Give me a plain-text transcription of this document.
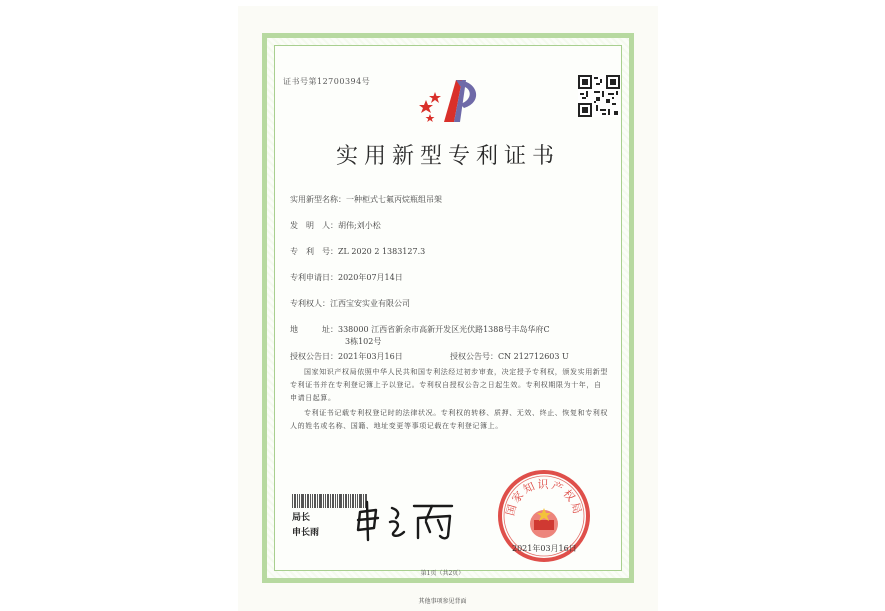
证书号第12700394号
实用新型专利证书
实用新型名称：一种柜式七氟丙烷瓶组吊架
发　明　人：胡伟;刘小松
专　利　号：ZL 2020 2 1383127.3
专利申请日：2020年07月14日
专利权人：江西宝安实业有限公司
地　　　址：338000 江西省新余市高新开发区光伏路1388号丰岛华府C
3栋102号
授权公告日：2021年03月16日	授权公告号：CN 212712603 U
国家知识产权局依照中华人民共和国专利法经过初步审查，决定授予专利权，颁发实用新型专利证书并在专利登记簿上予以登记。专利权自授权公告之日起生效。专利权期限为十年，自申请日起算。
专利证书记载专利权登记时的法律状况。专利权的转移、质押、无效、终止、恢复和专利权人的姓名或名称、国籍、地址变更等事项记载在专利登记簿上。
局长
申长雨
国家知识产权局
2021年03月16日
第1页（共2页）
其他事项参见背面
